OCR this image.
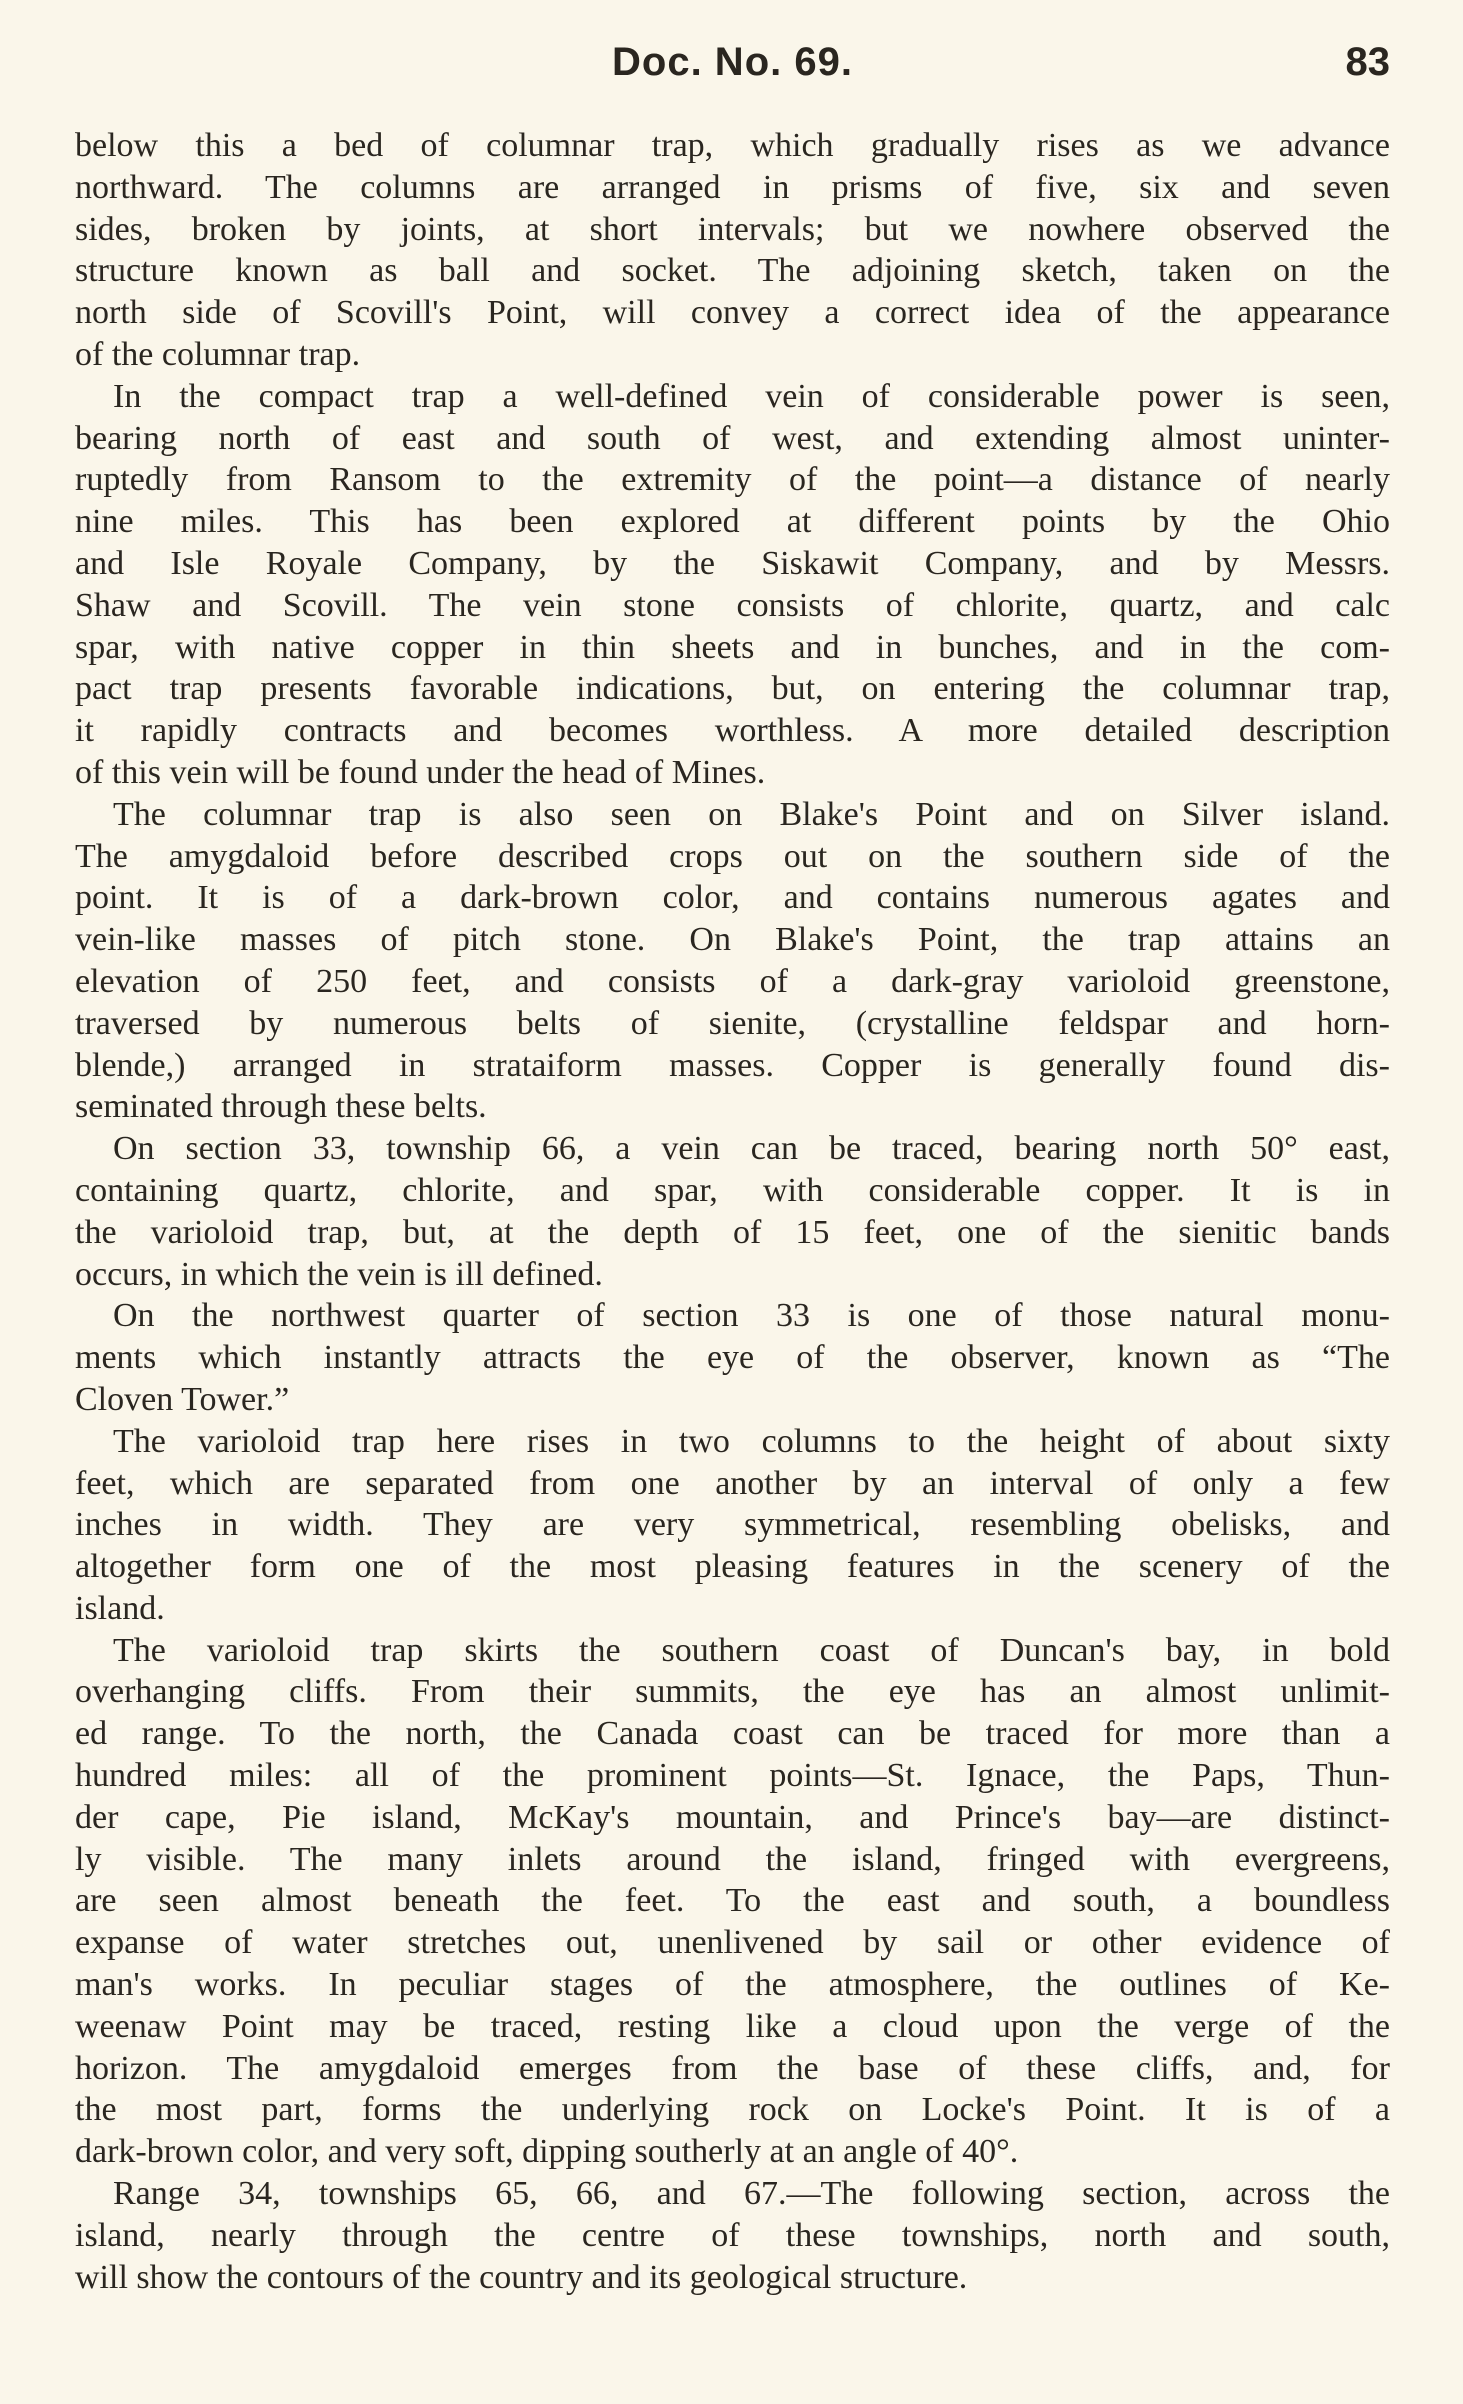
Doc. No. 69.	83
below this a bed of columnar trap, which gradually rises as we advance
northward. The columns are arranged in prisms of five, six and seven
sides, broken by joints, at short intervals; but we nowhere observed the
structure known as ball and socket. The adjoining sketch, taken on the
north side of Scovill's Point, will convey a correct idea of the appearance
of the columnar trap.
In the compact trap a well-defined vein of considerable power is seen,
bearing north of east and south of west, and extending almost uninter-
ruptedly from Ransom to the extremity of the point—a distance of nearly
nine miles. This has been explored at different points by the Ohio
and Isle Royale Company, by the Siskawit Company, and by Messrs.
Shaw and Scovill. The vein stone consists of chlorite, quartz, and calc
spar, with native copper in thin sheets and in bunches, and in the com-
pact trap presents favorable indications, but, on entering the columnar trap,
it rapidly contracts and becomes worthless. A more detailed description
of this vein will be found under the head of Mines.
The columnar trap is also seen on Blake's Point and on Silver island.
The amygdaloid before described crops out on the southern side of the
point. It is of a dark-brown color, and contains numerous agates and
vein-like masses of pitch stone. On Blake's Point, the trap attains an
elevation of 250 feet, and consists of a dark-gray varioloid greenstone,
traversed by numerous belts of sienite, (crystalline feldspar and horn-
blende,) arranged in strataiform masses. Copper is generally found dis-
seminated through these belts.
On section 33, township 66, a vein can be traced, bearing north 50° east,
containing quartz, chlorite, and spar, with considerable copper. It is in
the varioloid trap, but, at the depth of 15 feet, one of the sienitic bands
occurs, in which the vein is ill defined.
On the northwest quarter of section 33 is one of those natural monu-
ments which instantly attracts the eye of the observer, known as “The
Cloven Tower.”
The varioloid trap here rises in two columns to the height of about sixty
feet, which are separated from one another by an interval of only a few
inches in width. They are very symmetrical, resembling obelisks, and
altogether form one of the most pleasing features in the scenery of the
island.
The varioloid trap skirts the southern coast of Duncan's bay, in bold
overhanging cliffs. From their summits, the eye has an almost unlimit-
ed range. To the north, the Canada coast can be traced for more than a
hundred miles: all of the prominent points—St. Ignace, the Paps, Thun-
der cape, Pie island, McKay's mountain, and Prince's bay—are distinct-
ly visible. The many inlets around the island, fringed with evergreens,
are seen almost beneath the feet. To the east and south, a boundless
expanse of water stretches out, unenlivened by sail or other evidence of
man's works. In peculiar stages of the atmosphere, the outlines of Ke-
weenaw Point may be traced, resting like a cloud upon the verge of the
horizon. The amygdaloid emerges from the base of these cliffs, and, for
the most part, forms the underlying rock on Locke's Point. It is of a
dark-brown color, and very soft, dipping southerly at an angle of 40°.
Range 34, townships 65, 66, and 67.—The following section, across the
island, nearly through the centre of these townships, north and south,
will show the contours of the country and its geological structure.
